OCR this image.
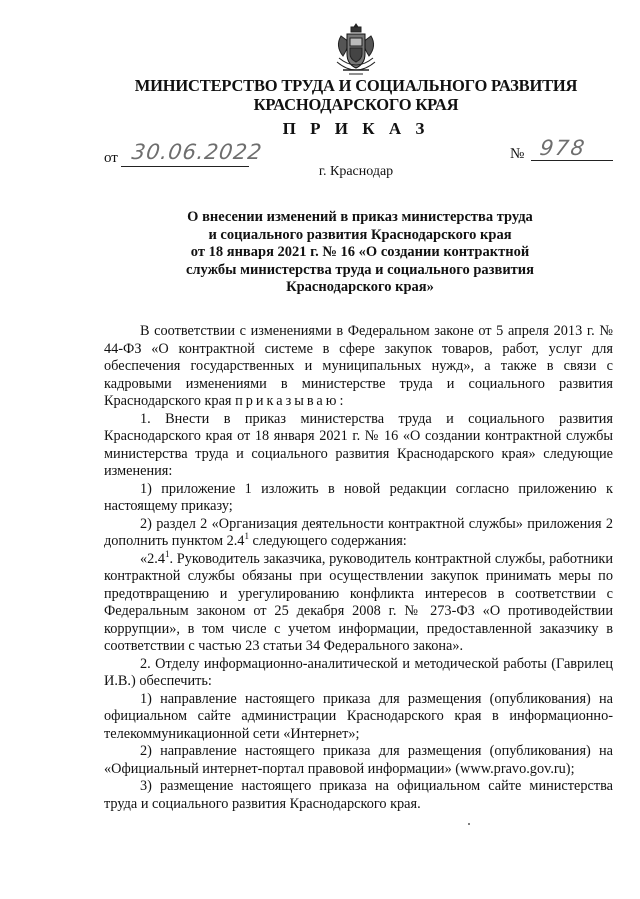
МИНИСТЕРСТВО ТРУДА И СОЦИАЛЬНОГО РАЗВИТИЯ
КРАСНОДАРСКОГО КРАЯ
П Р И К А З
от 30.06.2022	№ 978
г. Краснодар
О внесении изменений в приказ министерства труда
и социального развития Краснодарского края
от 18 января 2021 г. № 16 «О создании контрактной
службы министерства труда и социального развития
Краснодарского края»

В соответствии с изменениями в Федеральном законе от 5 апреля 2013 г. № 44-ФЗ «О контрактной системе в сфере закупок товаров, работ, услуг для обеспечения государственных и муниципальных нужд», а также в связи с кадровыми изменениями в министерстве труда и социального развития Краснодарского края приказываю:

1. Внести в приказ министерства труда и социального развития Краснодарского края от 18 января 2021 г. № 16 «О создании контрактной службы министерства труда и социального развития Краснодарского края» следующие изменения:

1) приложение 1 изложить в новой редакции согласно приложению к настоящему приказу;

2) раздел 2 «Организация деятельности контрактной службы» приложения 2 дополнить пунктом $2.4^1$ следующего содержания:

«$2.4^1$. Руководитель заказчика, руководитель контрактной службы, работники контрактной службы обязаны при осуществлении закупок принимать меры по предотвращению и урегулированию конфликта интересов в соответствии с Федеральным законом от 25 декабря 2008 г. № 273-ФЗ «О противодействии коррупции», в том числе с учетом информации, предоставленной заказчику в соответствии с частью 23 статьи 34 Федерального закона».

2. Отделу информационно-аналитической и методической работы (Гаврилец И.В.) обеспечить:

1) направление настоящего приказа для размещения (опубликования) на официальном сайте администрации Краснодарского края в информационно-телекоммуникационной сети «Интернет»;

2) направление настоящего приказа для размещения (опубликования) на «Официальный интернет-портал правовой информации» (www.pravo.gov.ru);

3) размещение настоящего приказа на официальном сайте министерства труда и социального развития Краснодарского края.
